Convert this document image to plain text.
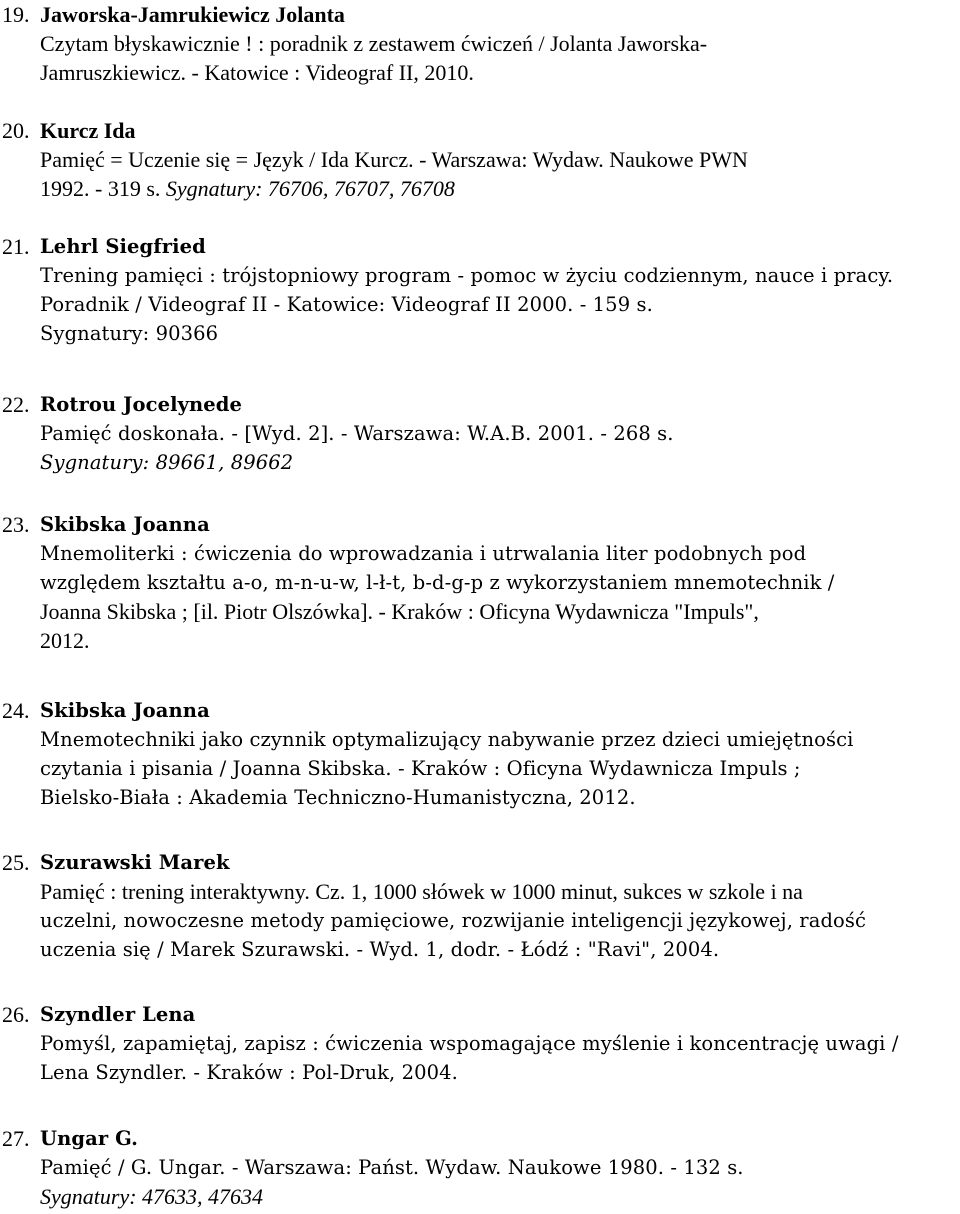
19. Jaworska-Jamrukiewicz Jolanta
Czytam błyskawicznie ! : poradnik z zestawem ćwiczeń / Jolanta Jaworska-
Jamruszkiewicz. - Katowice : Videograf II, 2010.
20. Kurcz Ida
Pamięć = Uczenie się = Język / Ida Kurcz. - Warszawa: Wydaw. Naukowe PWN
1992. - 319 s. Sygnatury: 76706, 76707, 76708
21. Lehrl Siegfried
Trening pamięci : trójstopniowy program - pomoc w życiu codziennym, nauce i pracy.
Poradnik / Videograf II - Katowice: Videograf II 2000. - 159 s.
Sygnatury: 90366
22. Rotrou Jocelynede
Pamięć doskonała. - [Wyd. 2]. - Warszawa: W.A.B. 2001. - 268 s.
Sygnatury: 89661, 89662
23. Skibska Joanna
Mnemoliterki : ćwiczenia do wprowadzania i utrwalania liter podobnych pod
względem kształtu a-o, m-n-u-w, l-ł-t, b-d-g-p z wykorzystaniem mnemotechnik /
Joanna Skibska ; [il. Piotr Olszówka]. - Kraków : Oficyna Wydawnicza "Impuls",
2012.
24. Skibska Joanna
Mnemotechniki jako czynnik optymalizujący nabywanie przez dzieci umiejętności
czytania i pisania / Joanna Skibska. - Kraków : Oficyna Wydawnicza Impuls ;
Bielsko-Biała : Akademia Techniczno-Humanistyczna, 2012.
25. Szurawski Marek
Pamięć : trening interaktywny. Cz. 1, 1000 słówek w 1000 minut, sukces w szkole i na
uczelni, nowoczesne metody pamięciowe, rozwijanie inteligencji językowej, radość
uczenia się / Marek Szurawski. - Wyd. 1, dodr. - Łódź : "Ravi", 2004.
26. Szyndler Lena
Pomyśl, zapamiętaj, zapisz : ćwiczenia wspomagające myślenie i koncentrację uwagi /
Lena Szyndler. - Kraków : Pol-Druk, 2004.
27. Ungar G.
Pamięć / G. Ungar. - Warszawa: Państ. Wydaw. Naukowe 1980. - 132 s.
Sygnatury: 47633, 47634
